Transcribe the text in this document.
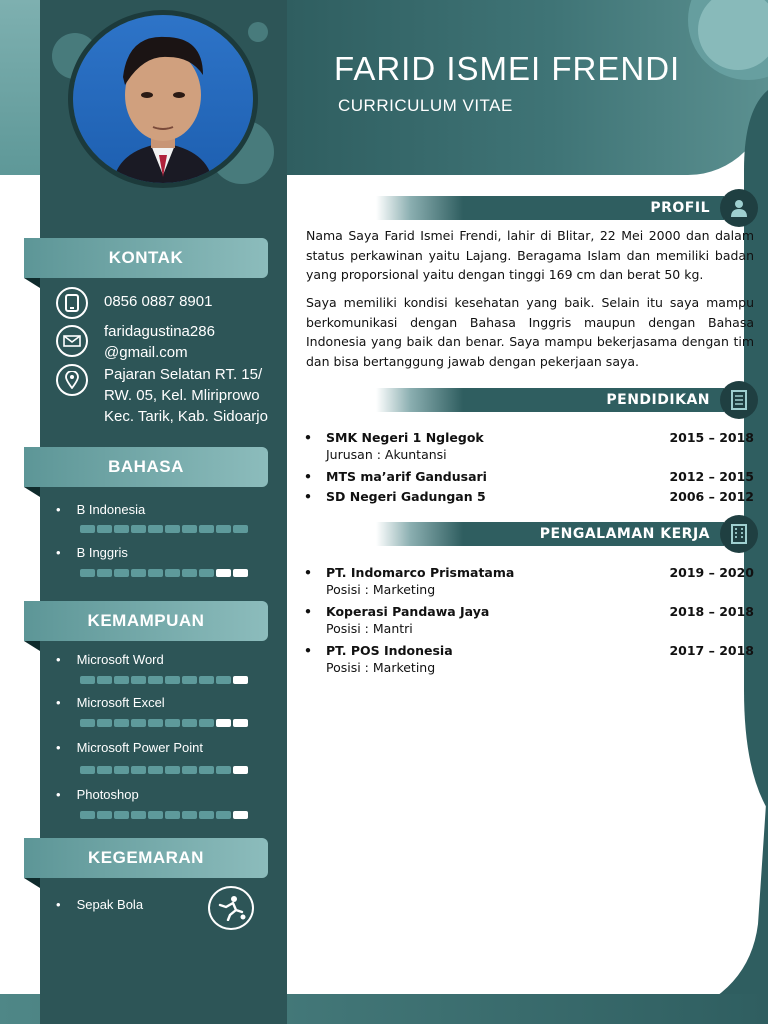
KONTAK
0856 0887 8901
faridagustina286
@gmail.com
Pajaran Selatan RT. 15/
RW. 05, Kel. Mliriprowo
Kec. Tarik, Kab. Sidoarjo
BAHASA
• B Indonesia
• B Inggris
KEMAMPUAN
• Microsoft Word
• Microsoft Excel
• Microsoft Power Point
• Photoshop
KEGEMARAN
• Sepak Bola
FARID ISMEI FRENDI
CURRICULUM VITAE
PROFIL
Nama Saya Farid Ismei Frendi, lahir di Blitar, 22 Mei 2000 dan dalam status perkawinan yaitu Lajang. Beragama Islam dan memiliki badan yang proporsional yaitu dengan tinggi 169 cm dan berat 50 kg.
Saya memiliki kondisi kesehatan yang baik. Selain itu saya mampu berkomunikasi dengan Bahasa Inggris maupun dengan Bahasa Indonesia yang baik dan benar. Saya mampu bekerjasama dengan tim dan bisa bertanggung jawab dengan pekerjaan saya.
PENDIDIKAN
• SMK Negeri 1 Nglegok	2015 – 2018
Jurusan : Akuntansi
• MTS ma’arif Gandusari	2012 – 2015
• SD Negeri Gadungan 5	2006 – 2012
PENGALAMAN KERJA
• PT. Indomarco Prismatama	2019 – 2020
Posisi : Marketing
• Koperasi Pandawa Jaya	2018 – 2018
Posisi : Mantri
• PT. POS Indonesia	2017 – 2018
Posisi : Marketing
